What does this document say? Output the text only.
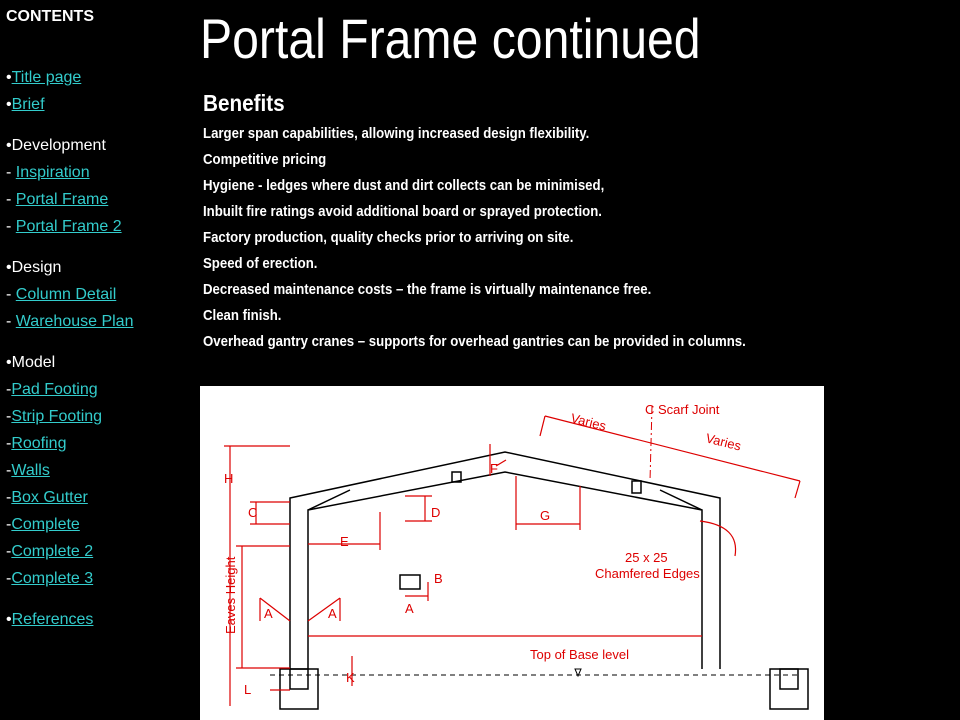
CONTENTS
•Title page
•Brief
•Development
- Inspiration
- Portal Frame
- Portal Frame 2
•Design
- Column Detail
- Warehouse Plan
•Model
-Pad Footing
-Strip Footing
-Roofing
-Walls
-Box Gutter
-Complete
-Complete 2
-Complete 3
•References
Portal Frame continued
Benefits
Larger span capabilities, allowing increased design flexibility.
Competitive pricing
Hygiene - ledges where dust and dirt collects can be minimised,
Inbuilt fire ratings avoid additional board or sprayed protection.
Factory production, quality checks prior to arriving on site.
Speed of erection.
Decreased maintenance costs – the frame is virtually maintenance free.
Clean finish.
Overhead gantry cranes – supports for overhead gantries can be provided in columns.
Varies
Varies
C Scarf Joint
H
F
C	D	G
E
25 x 25
Chamfered Edges
Eaves Height	B
A
A	A
Top of Base level
K
L
